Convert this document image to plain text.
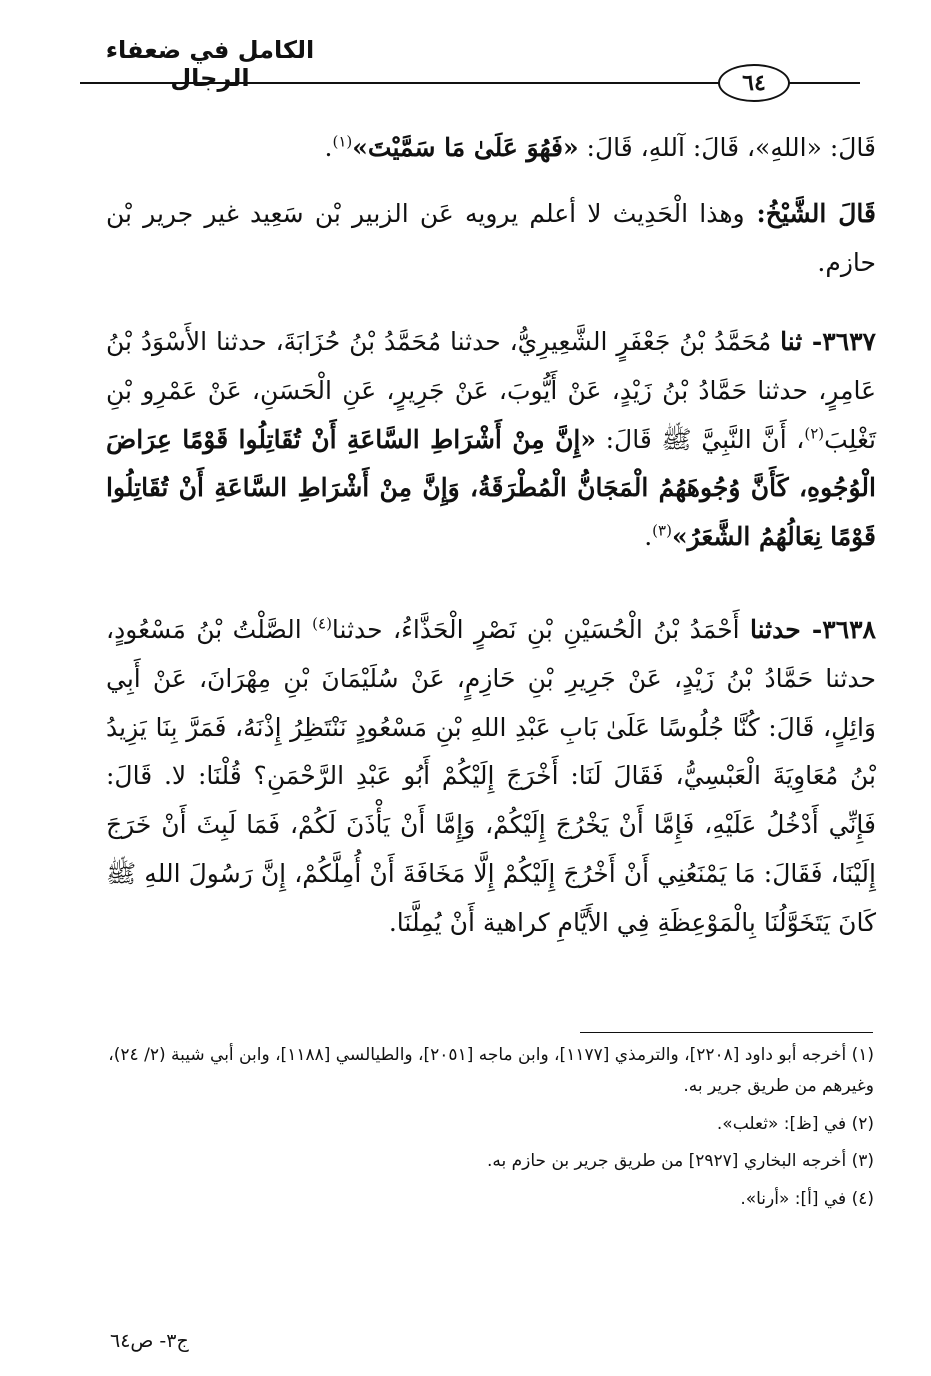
الكامل في ضعفاء الرجال	٦٤

قَالَ: «اللهِ»، قَالَ: آللهِ، قَالَ: «فَهُوَ عَلَىٰ مَا سَمَّيْتَ»$^{(١)}$.

قَالَ الشَّيْخُ: وهذا الْحَدِيث لا أعلم يرويه عَن الزبير بْن سَعِيد غير جرير بْن حازم.

٣٦٣٧- ثنا مُحَمَّدُ بْنُ جَعْفَرٍ الشَّعِيرِيُّ، حدثنا مُحَمَّدُ بْنُ حُزَابَةَ، حدثنا الأَسْوَدُ بْنُ عَامِرٍ، حدثنا حَمَّادُ بْنُ زَيْدٍ، عَنْ أَيُّوبَ، عَنْ جَرِيرٍ، عَنِ الْحَسَنِ، عَنْ عَمْرِو بْنِ تَغْلِبَ$^{(٢)}$، أَنَّ النَّبِيَّ ﷺ قَالَ: «إِنَّ مِنْ أَشْرَاطِ السَّاعَةِ أَنْ تُقَاتِلُوا قَوْمًا عِرَاضَ الْوُجُوهِ، كَأَنَّ وُجُوهَهُمُ الْمَجَانُّ الْمُطْرَقَةُ، وَإِنَّ مِنْ أَشْرَاطِ السَّاعَةِ أَنْ تُقَاتِلُوا قَوْمًا نِعَالُهُمُ الشَّعَرُ»$^{(٣)}$.

٣٦٣٨- حدثنا أَحْمَدُ بْنُ الْحُسَيْنِ بْنِ نَصْرٍ الْحَذَّاءُ، حدثنا$^{(٤)}$ الصَّلْتُ بْنُ مَسْعُودٍ، حدثنا حَمَّادُ بْنُ زَيْدٍ، عَنْ جَرِيرِ بْنِ حَازِمٍ، عَنْ سُلَيْمَانَ بْنِ مِهْرَانَ، عَنْ أَبِي وَائِلٍ، قَالَ: كُنَّا جُلُوسًا عَلَىٰ بَابِ عَبْدِ اللهِ بْنِ مَسْعُودٍ نَنْتَظِرُ إِذْنَهُ، فَمَرَّ بِنَا يَزِيدُ بْنُ مُعَاوِيَةَ الْعَبْسِيُّ، فَقَالَ لَنَا: أَخْرَجَ إِلَيْكُمْ أَبُو عَبْدِ الرَّحْمَنِ؟ قُلْنَا: لا. قَالَ: فَإِنِّي أَدْخُلُ عَلَيْهِ، فَإِمَّا أَنْ يَخْرُجَ إِلَيْكُمْ، وَإِمَّا أَنْ يَأْذَنَ لَكُمْ، فَمَا لَبِثَ أَنْ خَرَجَ إِلَيْنَا، فَقَالَ: مَا يَمْنَعُنِي أَنْ أَخْرُجَ إِلَيْكُمْ إِلَّا مَخَافَةَ أَنْ أُمِلَّكُمْ، إِنَّ رَسُولَ اللهِ ﷺ كَانَ يَتَخَوَّلُنَا بِالْمَوْعِظَةِ فِي الأَيَّامِ كراهية أَنْ يُمِلَّنَا.

(١) أخرجه أبو داود [٢٢٠٨]، والترمذي [١١٧٧]، وابن ماجه [٢٠٥١]، والطيالسي [١١٨٨]، وابن أبي شيبة (٢/ ٢٤)، وغيرهم من طريق جرير به.

(٢) في [ظ]: «ثعلب».

(٣) أخرجه البخاري [٢٩٢٧] من طريق جرير بن حازم به.

(٤) في [أ]: «أرنا».

ج٣- ص٦٤
